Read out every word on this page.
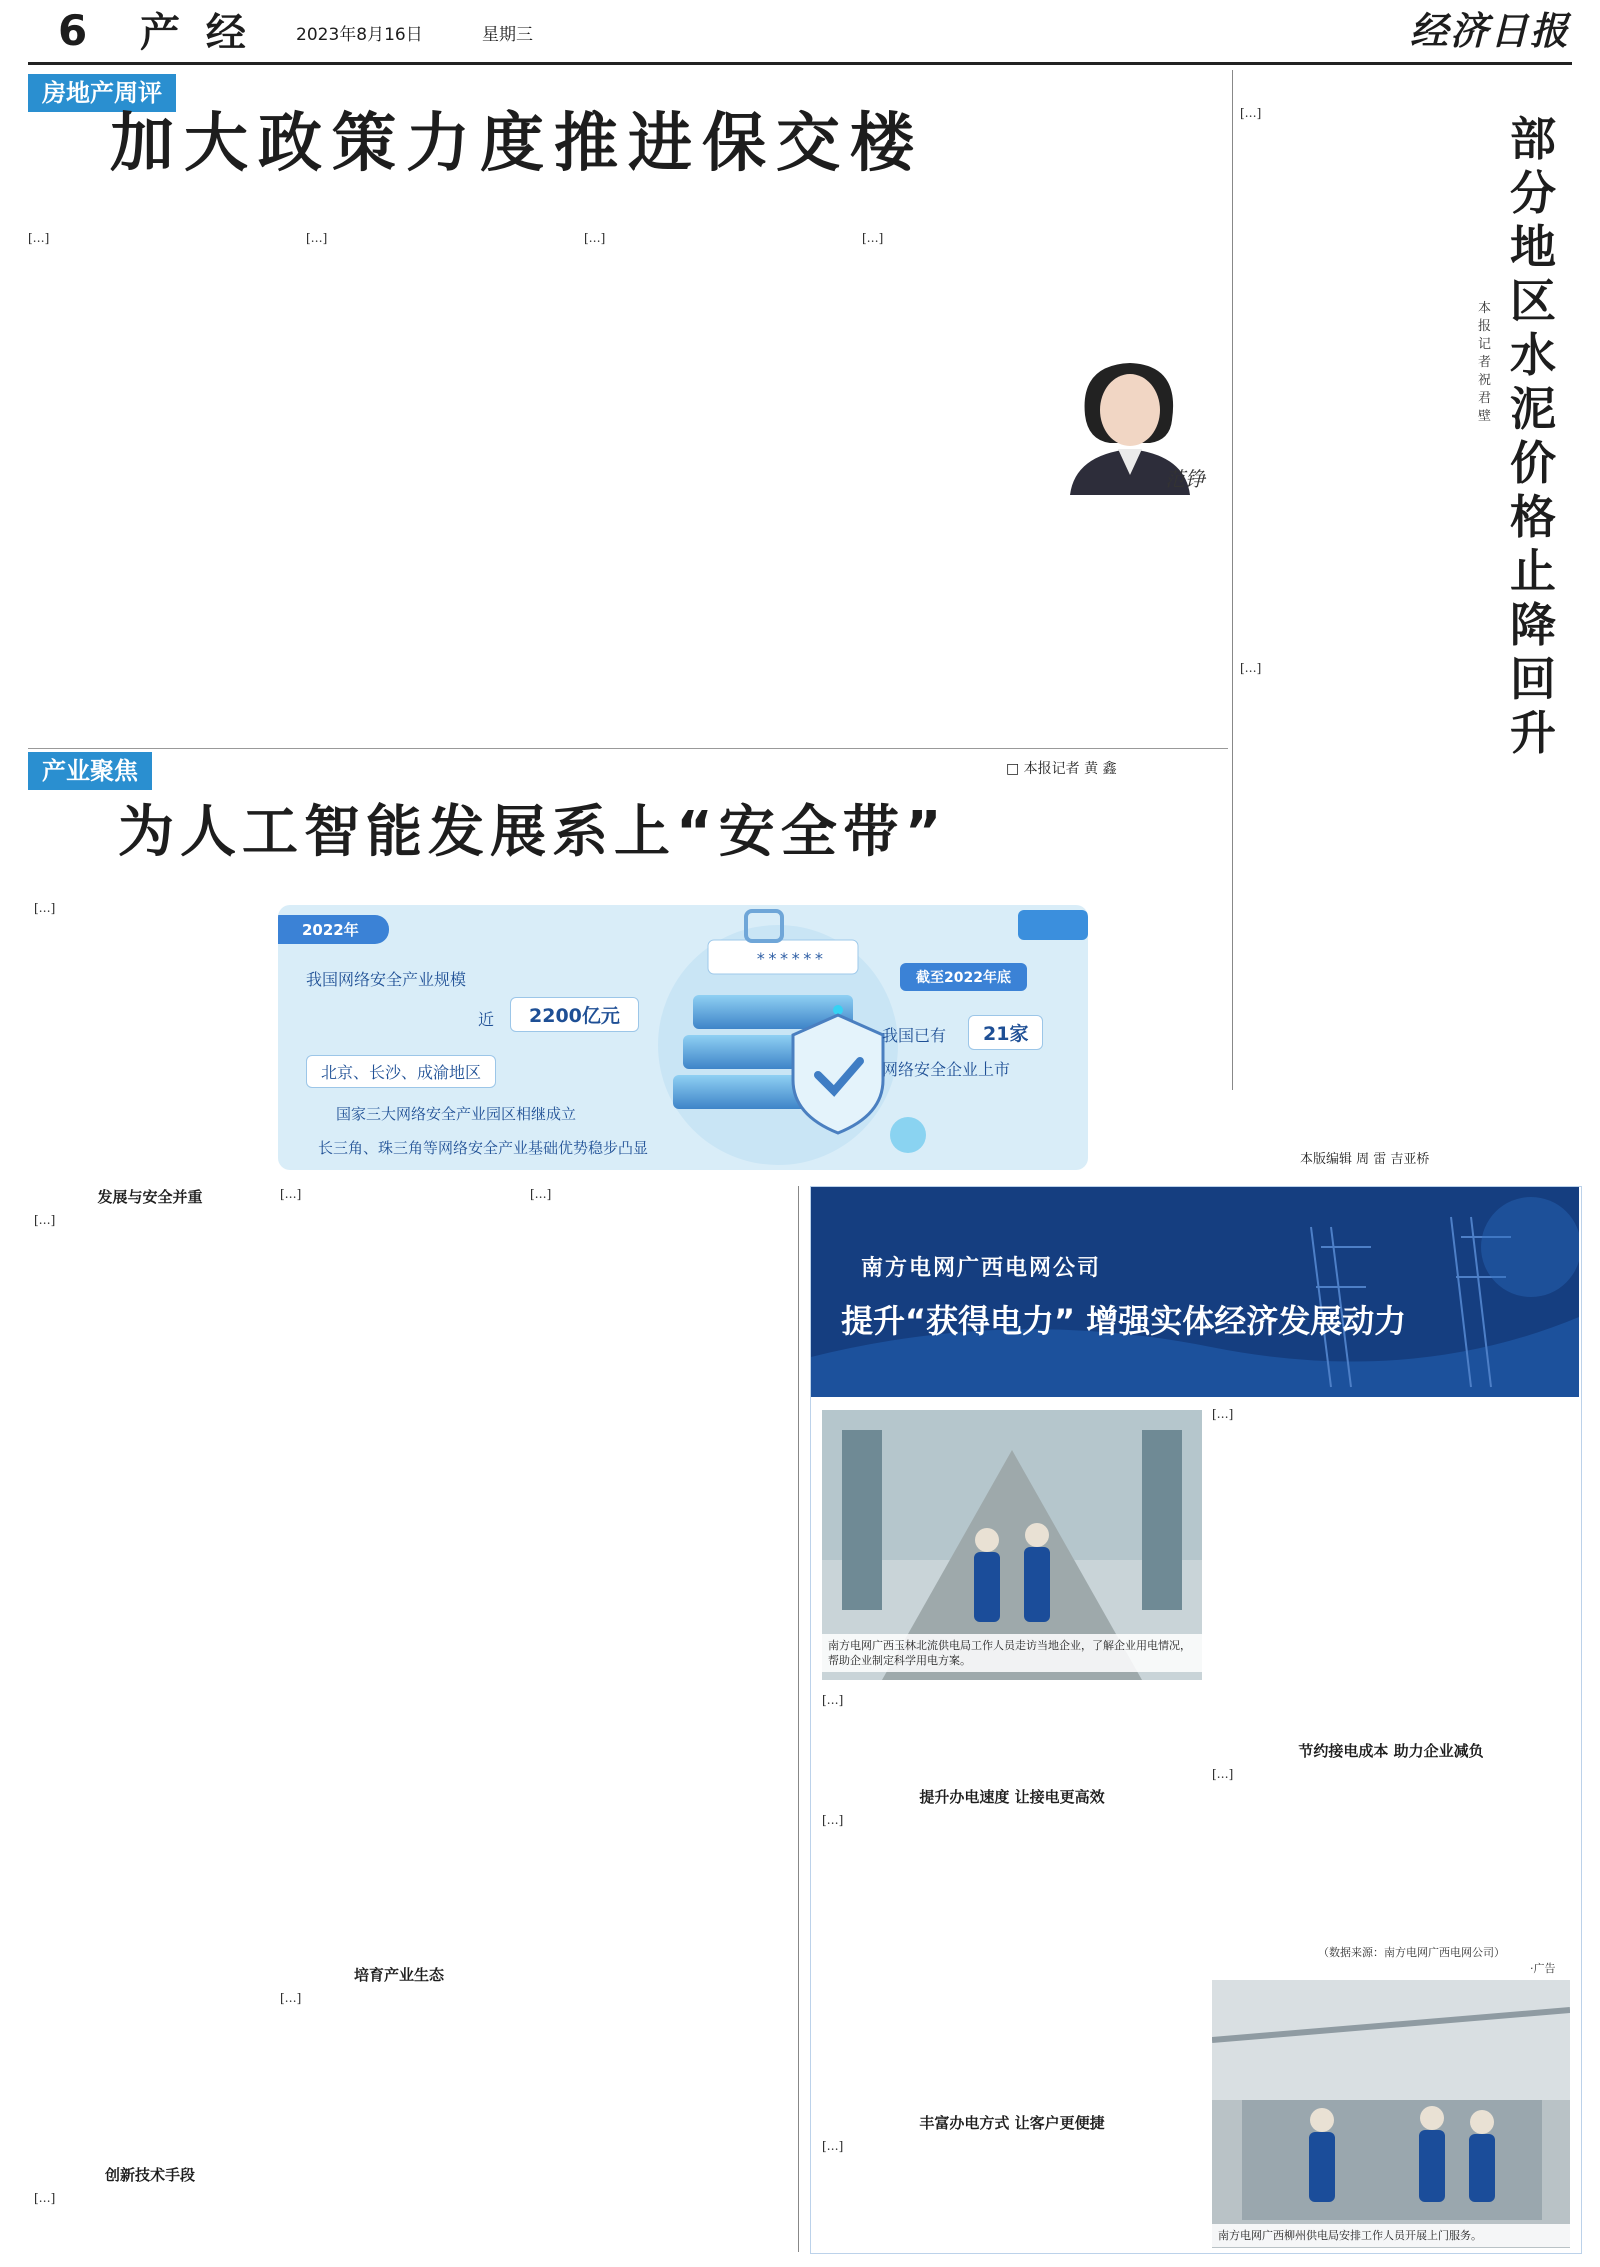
6 产 经	2023年8月16日	星期三	经济日报
房地产周评
加大政策力度推进保交楼
[…]	[…]	[…]	[…]
范铮
[…]	部分地区水泥价格止降回升
本报记者 祝君壁
[…]
本版编辑 周 雷 吉亚桥
产业聚焦	□ 本报记者 黄 鑫
为人工智能发展系上“安全带”
[…]
******
2022年
我国网络安全产业规模
近	2200亿元
北京、长沙、成渝地区
国家三大网络安全产业园区相继成立
长三角、珠三角等网络安全产业基础优势稳步凸显
截至2022年底
我国已有	21家
网络安全企业上市
发展与安全并重
[…]
创新技术手段
[…]
[…]
培育产业生态
[…]
[…]
南方电网广西电网公司
提升“获得电力” 增强实体经济发展动力
南方电网广西玉林北流供电局工作人员走访当地企业，了解企业用电情况，帮助企业制定科学用电方案。
[…]
[…]
提升办电速度 让接电更高效
[…]
丰富办电方式 让客户更便捷
[…]
节约接电成本 助力企业减负
[…]
（数据来源：南方电网广西电网公司）
·广告
南方电网广西柳州供电局安排工作人员开展上门服务。
